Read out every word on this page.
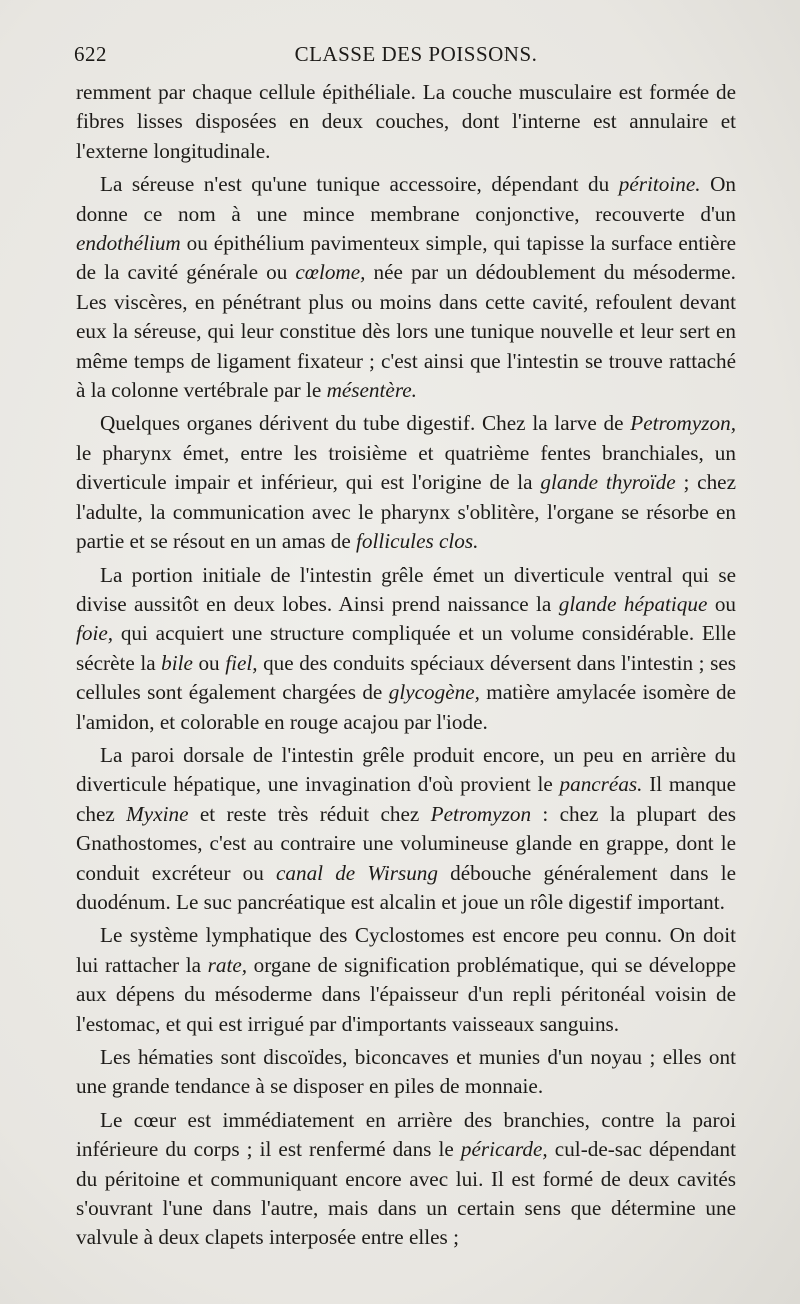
622	CLASSE DES POISSONS.

remment par chaque cellule épithéliale. La couche musculaire est formée de fibres lisses disposées en deux couches, dont l'interne est annulaire et l'externe longitudinale.

La séreuse n'est qu'une tunique accessoire, dépendant du péritoine. On donne ce nom à une mince membrane conjonctive, recouverte d'un endothélium ou épithélium pavimenteux simple, qui tapisse la surface entière de la cavité générale ou cœlome, née par un dédoublement du mésoderme. Les viscères, en pénétrant plus ou moins dans cette cavité, refoulent devant eux la séreuse, qui leur constitue dès lors une tunique nouvelle et leur sert en même temps de ligament fixateur ; c'est ainsi que l'intestin se trouve rattaché à la colonne vertébrale par le mésentère.

Quelques organes dérivent du tube digestif. Chez la larve de Petromyzon, le pharynx émet, entre les troisième et quatrième fentes branchiales, un diverticule impair et inférieur, qui est l'origine de la glande thyroïde ; chez l'adulte, la communication avec le pharynx s'oblitère, l'organe se résorbe en partie et se résout en un amas de follicules clos.

La portion initiale de l'intestin grêle émet un diverticule ventral qui se divise aussitôt en deux lobes. Ainsi prend naissance la glande hépatique ou foie, qui acquiert une structure compliquée et un volume considérable. Elle sécrète la bile ou fiel, que des conduits spéciaux déversent dans l'intestin ; ses cellules sont également chargées de glycogène, matière amylacée isomère de l'amidon, et colorable en rouge acajou par l'iode.

La paroi dorsale de l'intestin grêle produit encore, un peu en arrière du diverticule hépatique, une invagination d'où provient le pancréas. Il manque chez Myxine et reste très réduit chez Petromyzon : chez la plupart des Gnathostomes, c'est au contraire une volumineuse glande en grappe, dont le conduit excréteur ou canal de Wirsung débouche généralement dans le duodénum. Le suc pancréatique est alcalin et joue un rôle digestif important.

Le système lymphatique des Cyclostomes est encore peu connu. On doit lui rattacher la rate, organe de signification problématique, qui se développe aux dépens du mésoderme dans l'épaisseur d'un repli péritonéal voisin de l'estomac, et qui est irrigué par d'importants vaisseaux sanguins.

Les hématies sont discoïdes, biconcaves et munies d'un noyau ; elles ont une grande tendance à se disposer en piles de monnaie.

Le cœur est immédiatement en arrière des branchies, contre la paroi inférieure du corps ; il est renfermé dans le péricarde, cul-de-sac dépendant du péritoine et communiquant encore avec lui. Il est formé de deux cavités s'ouvrant l'une dans l'autre, mais dans un certain sens que détermine une valvule à deux clapets interposée entre elles ;
